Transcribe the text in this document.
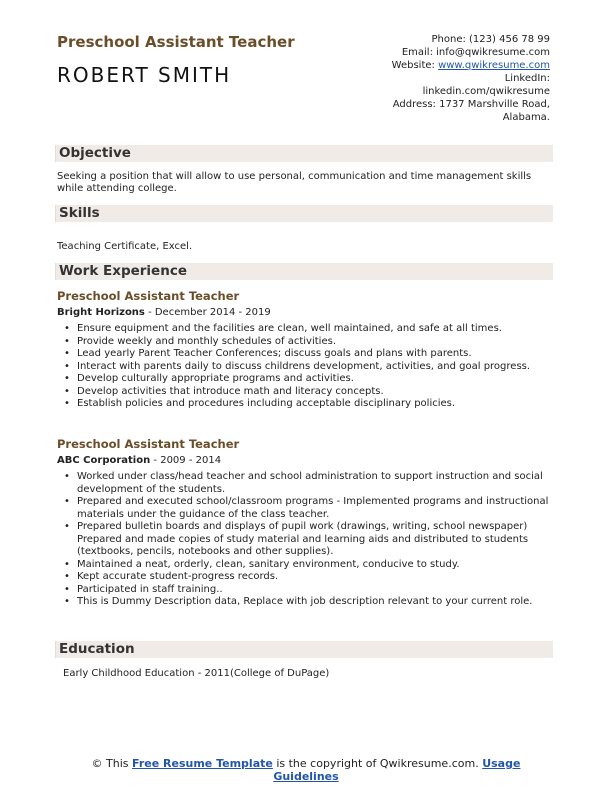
Preschool Assistant Teacher
ROBERT SMITH
Phone: (123) 456 78 99
Email: info@qwikresume.com
Website: www.qwikresume.com
LinkedIn:
linkedin.com/qwikresume
Address: 1737 Marshville Road,
Alabama.
Objective
Seeking a position that will allow to use personal, communication and time management skills while attending college.
Skills
Teaching Certificate, Excel.
Work Experience
Preschool Assistant Teacher
Bright Horizons - December 2014 - 2019
• Ensure equipment and the facilities are clean, well maintained, and safe at all times.
• Provide weekly and monthly schedules of activities.
• Lead yearly Parent Teacher Conferences; discuss goals and plans with parents.
• Interact with parents daily to discuss childrens development, activities, and goal progress.
• Develop culturally appropriate programs and activities.
• Develop activities that introduce math and literacy concepts.
• Establish policies and procedures including acceptable disciplinary policies.
Preschool Assistant Teacher
ABC Corporation - 2009 - 2014
• Worked under class/head teacher and school administration to support instruction and social development of the students.
• Prepared and executed school/classroom programs - Implemented programs and instructional materials under the guidance of the class teacher.
• Prepared bulletin boards and displays of pupil work (drawings, writing, school newspaper) Prepared and made copies of study material and learning aids and distributed to students (textbooks, pencils, notebooks and other supplies).
• Maintained a neat, orderly, clean, sanitary environment, conducive to study.
• Kept accurate student-progress records.
• Participated in staff training..
• This is Dummy Description data, Replace with job description relevant to your current role.
Education
Early Childhood Education - 2011(College of DuPage)
© This Free Resume Template is the copyright of Qwikresume.com. Usage Guidelines
